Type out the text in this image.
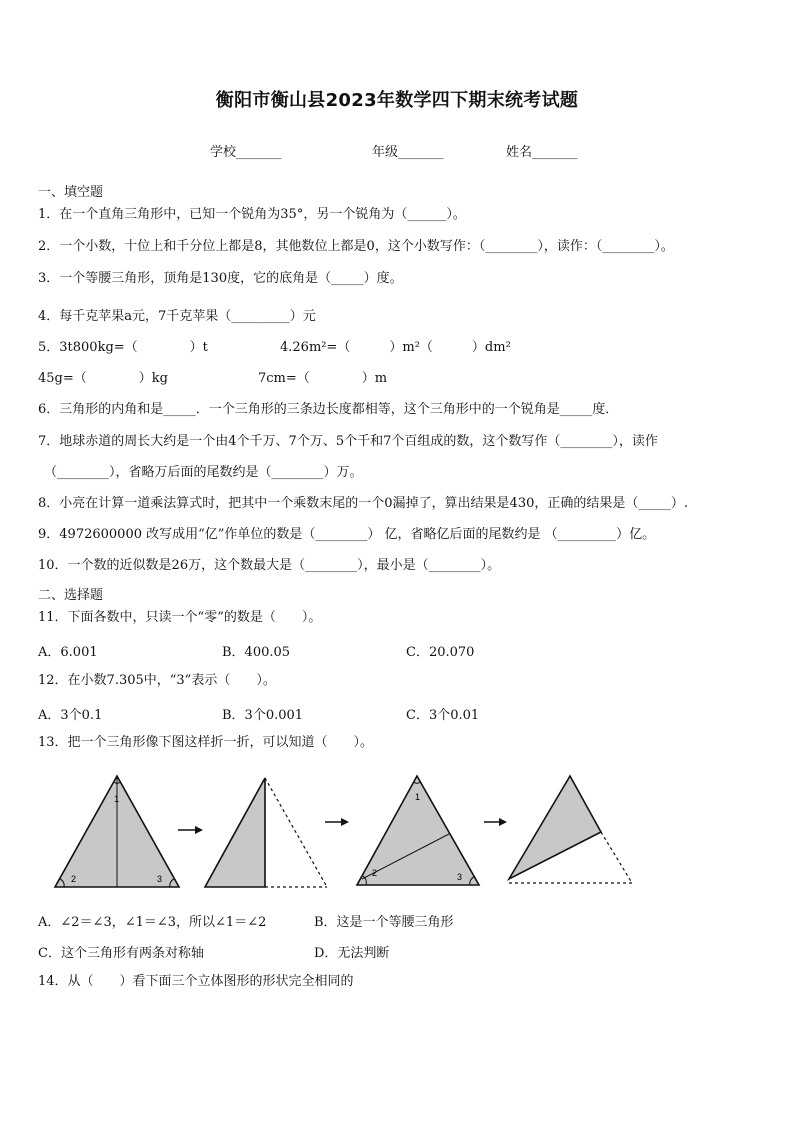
衡阳市衡山县2023年数学四下期末统考试题
学校_______	年级_______	姓名_______
一、填空题
1．在一个直角三角形中，已知一个锐角为35°，另一个锐角为（______）。
2．一个小数，十位上和千分位上都是8，其他数位上都是0，这个小数写作：（________），读作：（________）。
3．一个等腰三角形，顶角是130度，它的底角是（_____）度。
4．每千克苹果a元，7千克苹果（_________）元
5．3t800kg=（　　　　）t	4.26m²=（　　　）m²（　　　）dm²
45g=（　　　　）kg	7cm=（　　　　）m
6．三角形的内角和是_____．一个三角形的三条边长度都相等，这个三角形中的一个锐角是_____度．
7．地球赤道的周长大约是一个由4个千万、7个万、5个千和7个百组成的数，这个数写作（________），读作
（________），省略万后面的尾数约是（________）万。
8．小亮在计算一道乘法算式时，把其中一个乘数末尾的一个0漏掉了，算出结果是430，正确的结果是（_____）.
9．4972600000 改写成用“亿”作单位的数是（________） 亿，省略亿后面的尾数约是 （_________）亿。
10．一个数的近似数是26万，这个数最大是（________），最小是（________）。
二、选择题
11．下面各数中，只读一个“零”的数是（　　）。
A．6.001	B．400.05	C．20.070
12．在小数7.305中，“3”表示（　　）。
A．3个0.1	B．3个0.001	C．3个0.01
13．把一个三角形像下图这样折一折，可以知道（　　）。
1
2	3
1
2	3
A．∠2＝∠3，∠1＝∠3，所以∠1＝∠2	B．这是一个等腰三角形
C．这个三角形有两条对称轴	D．无法判断
14．从（　　）看下面三个立体图形的形状完全相同的
